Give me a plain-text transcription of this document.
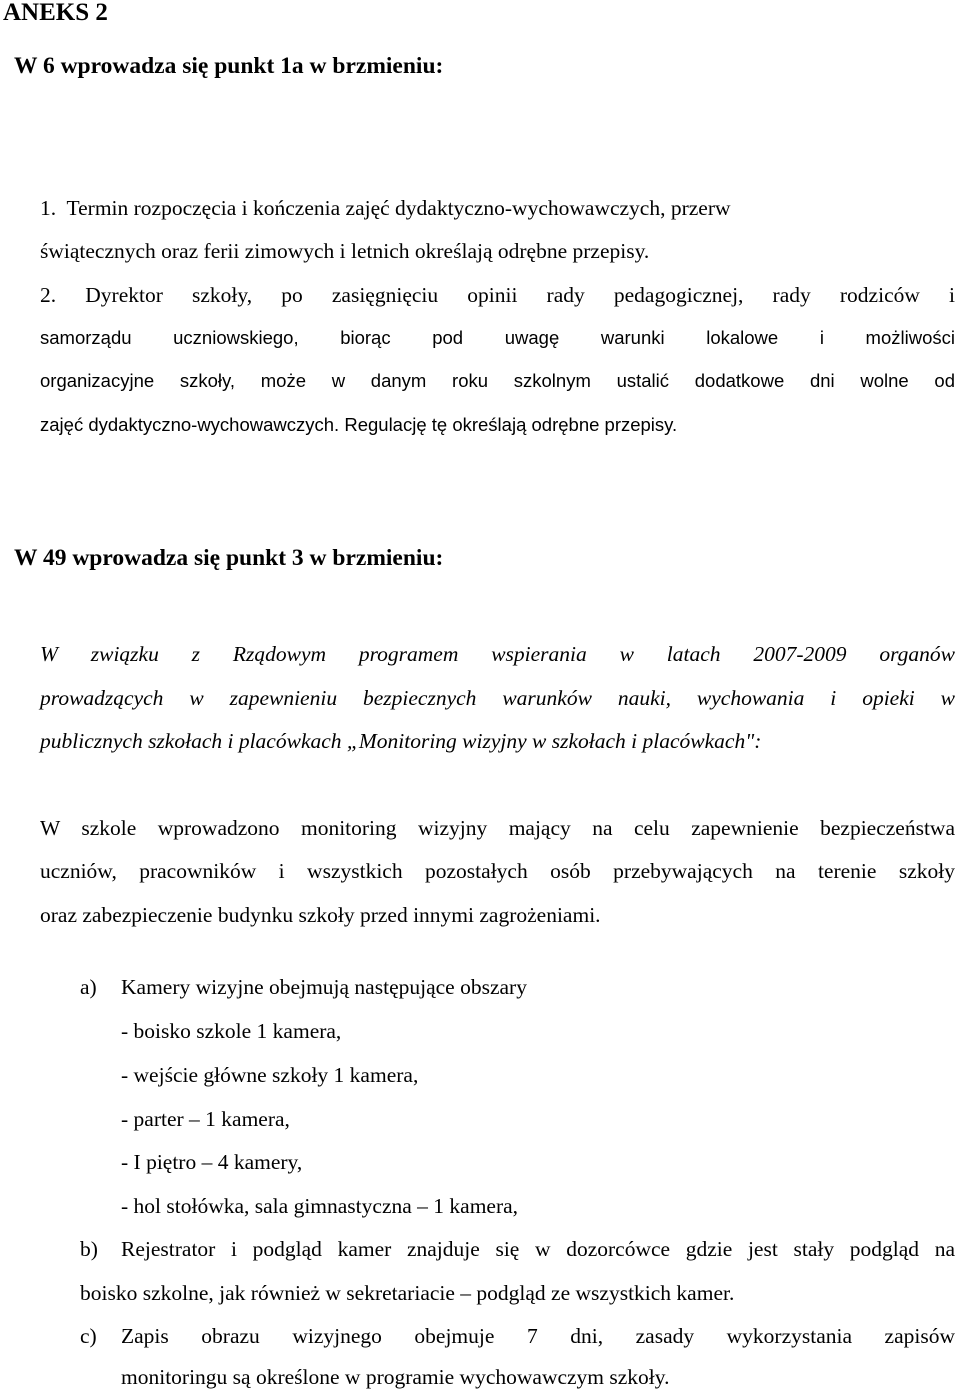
ANEKS 2
W 6 wprowadza się punkt 1a w brzmieniu:
1.  Termin rozpoczęcia i kończenia zajęć dydaktyczno-wychowawczych, przerw
świątecznych oraz ferii zimowych i letnich określają odrębne przepisy.
2. Dyrektor szkoły, po zasięgnięciu opinii rady pedagogicznej, rady rodziców i
samorządu uczniowskiego, biorąc pod uwagę warunki lokalowe i możliwości
organizacyjne szkoły, może w danym roku szkolnym ustalić dodatkowe dni wolne od
zajęć dydaktyczno-wychowawczych. Regulację tę określają odrębne przepisy.
W 49 wprowadza się punkt 3 w brzmieniu:
W związku z Rządowym programem wspierania w latach 2007-2009 organów
prowadzących w zapewnieniu bezpiecznych warunków nauki, wychowania i opieki w
publicznych szkołach i placówkach „Monitoring wizyjny w szkołach i placówkach":
W szkole wprowadzono monitoring wizyjny mający na celu zapewnienie bezpieczeństwa
uczniów, pracowników i wszystkich pozostałych osób przebywających na terenie szkoły
oraz zabezpieczenie budynku szkoły przed innymi zagrożeniami.
a) Kamery wizyjne obejmują następujące obszary
- boisko szkole 1 kamera,
- wejście główne szkoły 1 kamera,
- parter – 1 kamera,
- I piętro – 4 kamery,
- hol stołówka, sala gimnastyczna – 1 kamera,
b) Rejestrator i podgląd kamer znajduje się w dozorcówce gdzie jest stały podgląd na
boisko szkolne, jak również w sekretariacie – podgląd ze wszystkich kamer.
c) Zapis obrazu wizyjnego obejmuje 7 dni, zasady wykorzystania zapisów
monitoringu są określone w programie wychowawczym szkoły.
